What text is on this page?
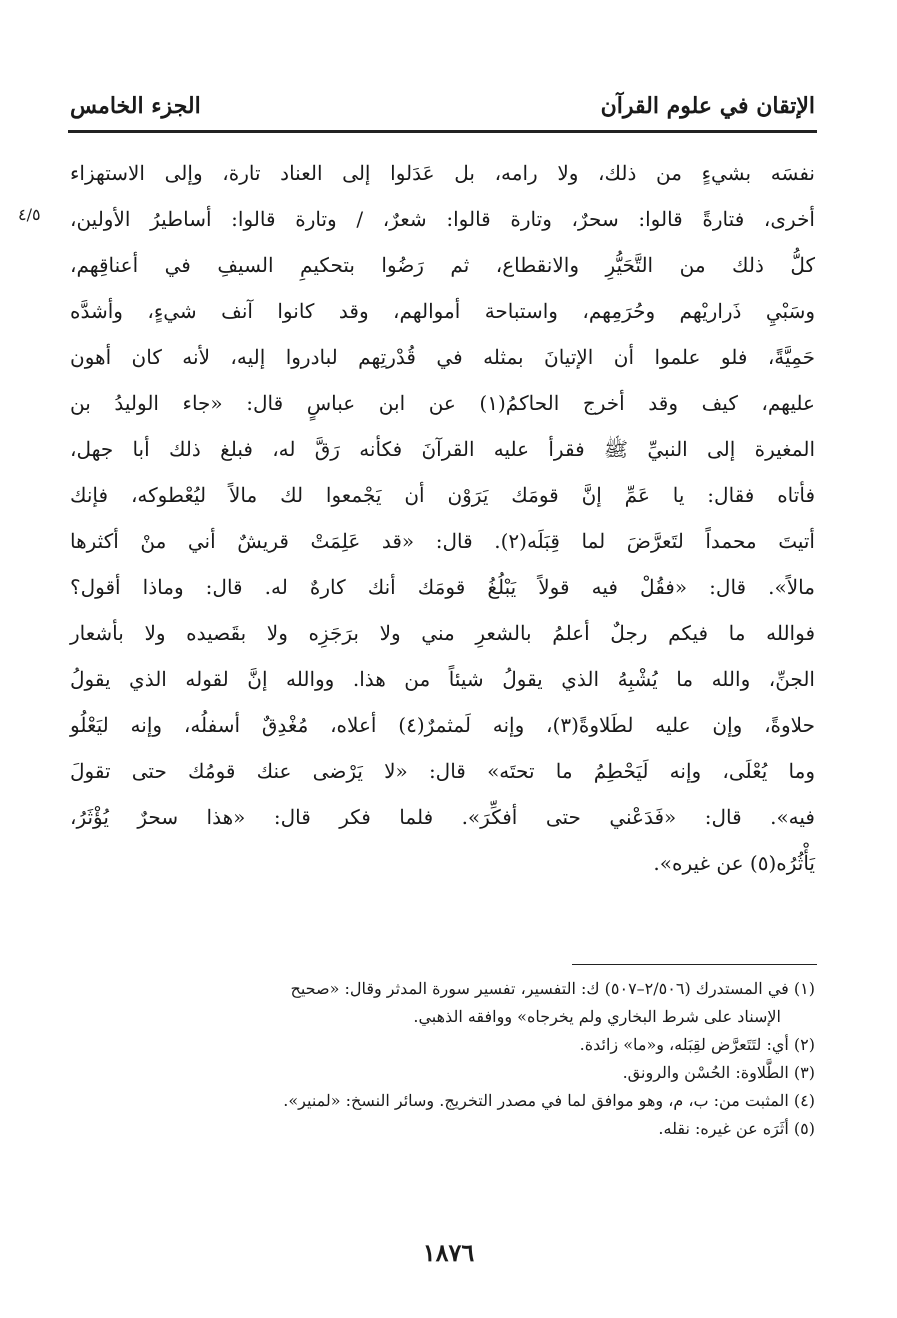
الإتقان في علوم القرآن
الجزء الخامس
٤/٥
نفسَه بشيءٍ من ذلك، ولا رامه، بل عَدَلوا إلى العناد تارة، وإلى الاستهزاء
أخرى، فتارةً قالوا: سحرٌ، وتارة قالوا: شعرٌ، / وتارة قالوا: أساطيرُ الأولين،
كلُّ ذلك من التَّحَيُّرِ والانقطاع، ثم رَضُوا بتحكيمِ السيفِ في أعناقِهم،
وسَبْيِ ذَراريْهم وحُرَمِهم، واستباحة أموالهم، وقد كانوا آنف شيءٍ، وأشدَّه
حَمِيَّةً، فلو علموا أن الإتيانَ بمثله في قُدْرتِهم لبادروا إليه، لأنه كان أهون
عليهم، كيف وقد أخرج الحاكمُ(١) عن ابن عباسٍ قال: «جاء الوليدُ بن
المغيرة إلى النبيِّ ﷺ فقرأ عليه القرآنَ فكأنه رَقَّ له، فبلغ ذلك أبا جهل،
فأتاه فقال: يا عَمِّ إنَّ قومَك يَرَوْن أن يَجْمعوا لك مالاً ليُعْطوكه، فإنك
أتيتَ محمداً لتَعرَّضَ لما قِبَلَه(٢). قال: «قد عَلِمَتْ قريشٌ أني منْ أكثرها
مالاً». قال: «فقُلْ فيه قولاً يَبْلُغُ قومَك أنك كارهٌ له. قال: وماذا أقول؟
فوالله ما فيكم رجلٌ أعلمُ بالشعرِ مني ولا برَجَزِه ولا بقَصيده ولا بأشعار
الجنِّ، والله ما يُشْبِهُ الذي يقولُ شيئاً من هذا. ووالله إنَّ لقوله الذي يقولُ
حلاوةً، وإن عليه لطَلاوةً(٣)، وإنه لَمثمرٌ(٤) أعلاه، مُغْدِقٌ أسفلُه، وإنه ليَعْلُو
وما يُعْلَى، وإنه لَيَحْطِمُ ما تحتَه» قال: «لا يَرْضى عنك قومُك حتى تقولَ
فيه». قال: «فَدَعْني حتى أفكِّرَ». فلما فكر قال: «هذا سحرٌ يُؤْثَرُ،
يَأْثُرُه(٥) عن غيره».
(١) في المستدرك (٢/٥٠٦–٥٠٧) ك: التفسير، تفسير سورة المدثر وقال: «صحيح
الإسناد على شرط البخاري ولم يخرجاه» ووافقه الذهبي.
(٢) أي: لتَتَعرَّض لقِبَله، و«ما» زائدة.
(٣) الطَّلاوة: الحُسْن والرونق.
(٤) المثبت من: ب، م، وهو موافق لما في مصدر التخريج. وسائر النسخ: «لمنير».
(٥) أثَرَه عن غيره: نقله.
١٨٧٦
